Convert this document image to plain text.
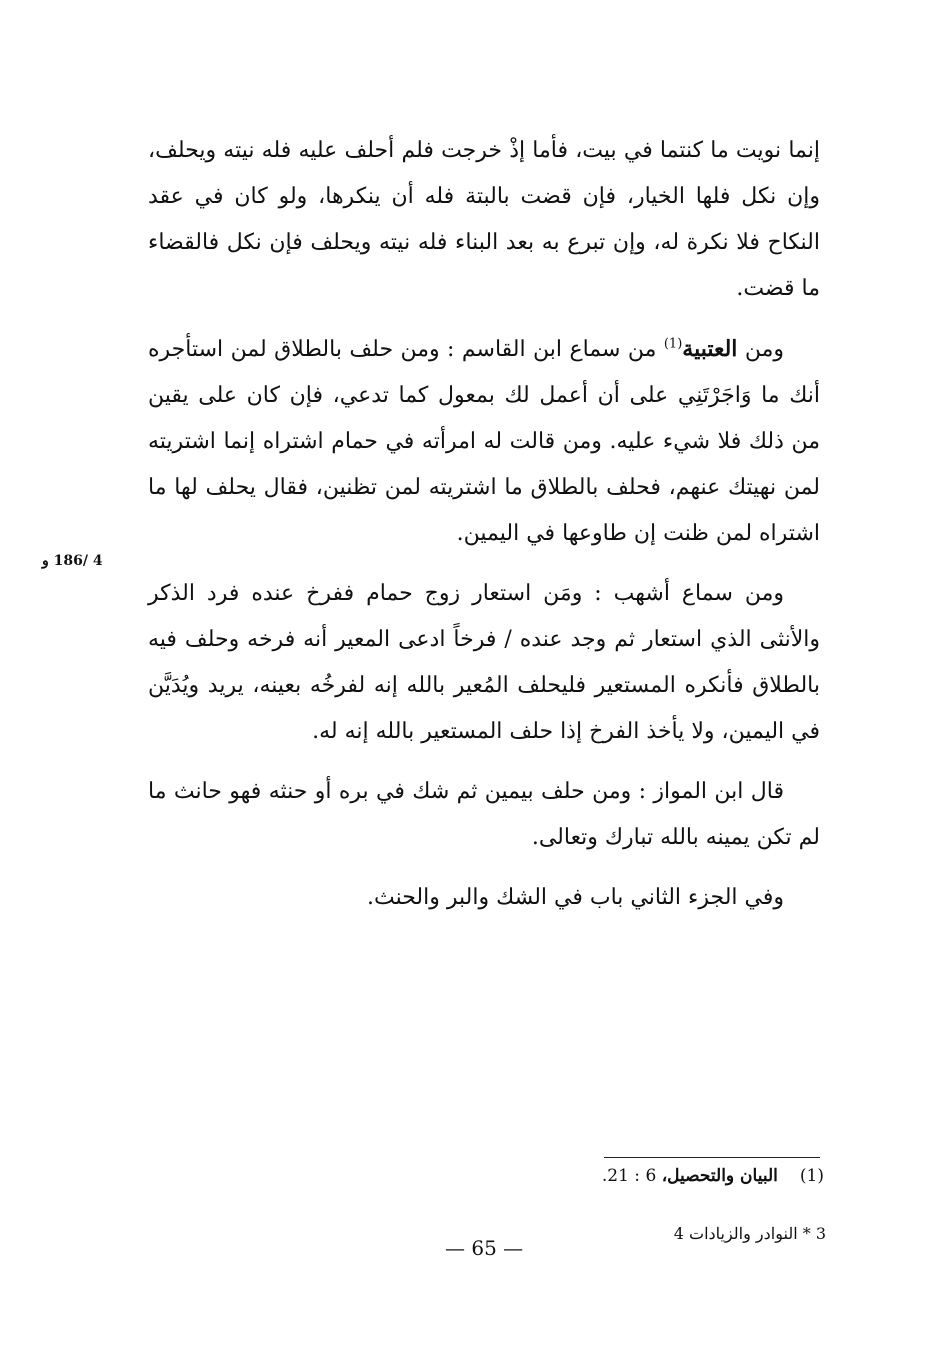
إنما نويت ما كنتما في بيت، فأما إذْ خرجت فلم أحلف عليه فله نيته ويحلف، وإن نكل فلها الخيار، فإن قضت بالبتة فله أن ينكرها، ولو كان في عقد النكاح فلا نكرة له، وإن تبرع به بعد البناء فله نيته ويحلف فإن نكل فالقضاء ما قضت.

ومن العتبية$^{(1)}$ من سماع ابن القاسم : ومن حلف بالطلاق لمن استأجره أنك ما وَاجَرْتَنِي على أن أعمل لك بمعول كما تدعي، فإن كان على يقين من ذلك فلا شيء عليه. ومن قالت له امرأته في حمام اشتراه إنما اشتريته لمن نهيتك عنهم، فحلف بالطلاق ما اشتريته لمن تظنين، فقال يحلف لها ما اشتراه لمن ظنت إن طاوعها في اليمين.

ومن سماع أشهب : ومَن استعار زوج حمام ففرخ عنده فرد الذكر والأنثى الذي استعار ثم وجد عنده / فرخاً ادعى المعير أنه فرخه وحلف فيه بالطلاق فأنكره المستعير فليحلف المُعير بالله إنه لفرخُه بعينه، يريد ويُدَيَّن في اليمين، ولا يأخذ الفرخ إذا حلف المستعير بالله إنه له.

قال ابن المواز : ومن حلف بيمين ثم شك في بره أو حنثه فهو حانث ما لم تكن يمينه بالله تبارك وتعالى.

وفي الجزء الثاني باب في الشك والبر والحنث.

4 /186 و
(1)البيان والتحصيل، 6 : 21.
3 * النوادر والزيادات 4
— 65 —
